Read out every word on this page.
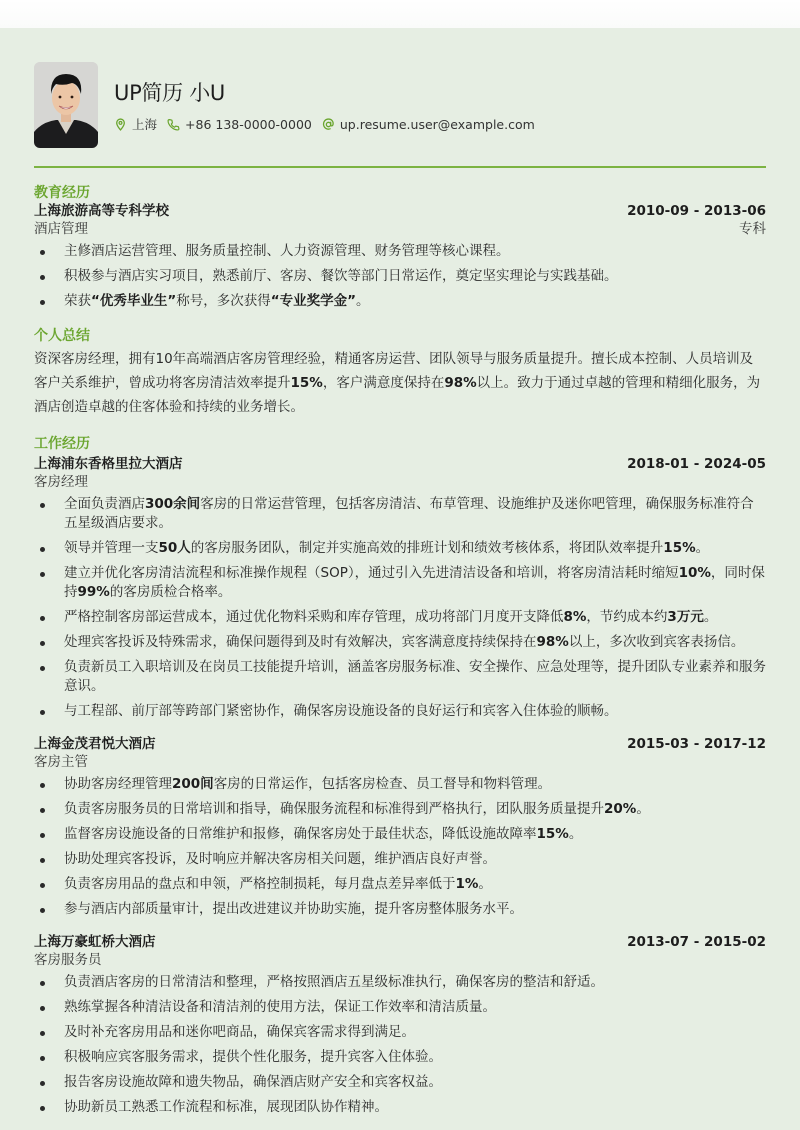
UP简历 小U
上海 +86 138-0000-0000 up.resume.user@example.com
教育经历
上海旅游高等专科学校	2010-09 - 2013-06
酒店管理	专科
主修酒店运营管理、服务质量控制、人力资源管理、财务管理等核心课程。
积极参与酒店实习项目，熟悉前厅、客房、餐饮等部门日常运作，奠定坚实理论与实践基础。
荣获“优秀毕业生”称号，多次获得“专业奖学金”。
个人总结
资深客房经理，拥有10年高端酒店客房管理经验，精通客房运营、团队领导与服务质量提升。擅长成本控制、人员培训及客户关系维护，曾成功将客房清洁效率提升15%，客户满意度保持在98%以上。致力于通过卓越的管理和精细化服务，为酒店创造卓越的住客体验和持续的业务增长。
工作经历
上海浦东香格里拉大酒店	2018-01 - 2024-05
客房经理
全面负责酒店300余间客房的日常运营管理，包括客房清洁、布草管理、设施维护及迷你吧管理，确保服务标准符合五星级酒店要求。
领导并管理一支50人的客房服务团队，制定并实施高效的排班计划和绩效考核体系，将团队效率提升15%。
建立并优化客房清洁流程和标准操作规程（SOP），通过引入先进清洁设备和培训，将客房清洁耗时缩短10%，同时保持99%的客房质检合格率。
严格控制客房部运营成本，通过优化物料采购和库存管理，成功将部门月度开支降低8%，节约成本约3万元。
处理宾客投诉及特殊需求，确保问题得到及时有效解决，宾客满意度持续保持在98%以上，多次收到宾客表扬信。
负责新员工入职培训及在岗员工技能提升培训，涵盖客房服务标准、安全操作、应急处理等，提升团队专业素养和服务意识。
与工程部、前厅部等跨部门紧密协作，确保客房设施设备的良好运行和宾客入住体验的顺畅。
上海金茂君悦大酒店	2015-03 - 2017-12
客房主管
协助客房经理管理200间客房的日常运作，包括客房检查、员工督导和物料管理。
负责客房服务员的日常培训和指导，确保服务流程和标准得到严格执行，团队服务质量提升20%。
监督客房设施设备的日常维护和报修，确保客房处于最佳状态，降低设施故障率15%。
协助处理宾客投诉，及时响应并解决客房相关问题，维护酒店良好声誉。
负责客房用品的盘点和申领，严格控制损耗，每月盘点差异率低于1%。
参与酒店内部质量审计，提出改进建议并协助实施，提升客房整体服务水平。
上海万豪虹桥大酒店	2013-07 - 2015-02
客房服务员
负责酒店客房的日常清洁和整理，严格按照酒店五星级标准执行，确保客房的整洁和舒适。
熟练掌握各种清洁设备和清洁剂的使用方法，保证工作效率和清洁质量。
及时补充客房用品和迷你吧商品，确保宾客需求得到满足。
积极响应宾客服务需求，提供个性化服务，提升宾客入住体验。
报告客房设施故障和遗失物品，确保酒店财产安全和宾客权益。
协助新员工熟悉工作流程和标准，展现团队协作精神。
